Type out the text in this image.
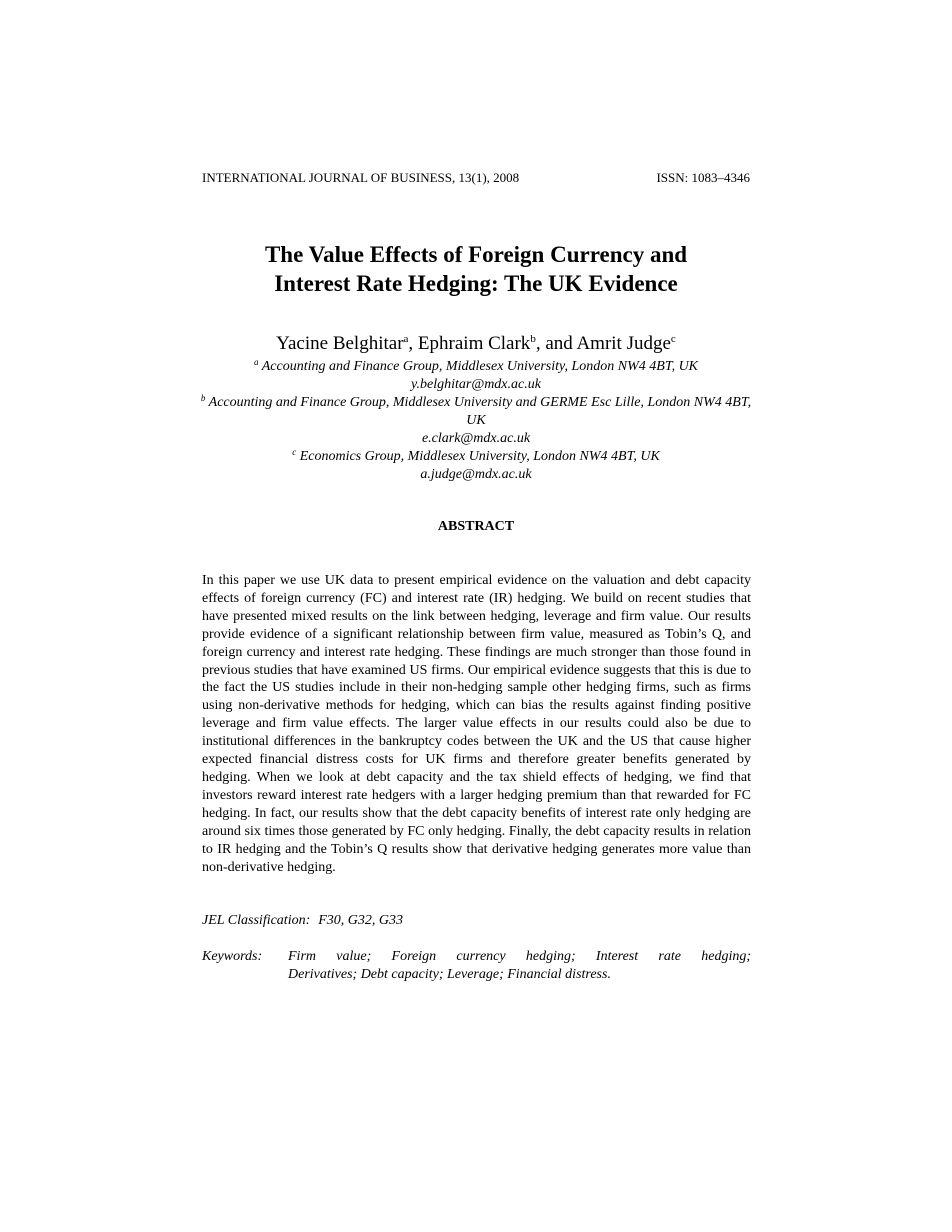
INTERNATIONAL JOURNAL OF BUSINESS, 13(1), 2008	ISSN: 1083–4346
The Value Effects of Foreign Currency and
Interest Rate Hedging: The UK Evidence
Yacine Belghitar$^a$, Ephraim Clark$^b$, and Amrit Judge$^c$
$^a$ Accounting and Finance Group, Middlesex University, London NW4 4BT, UK
y.belghitar@mdx.ac.uk
$^b$ Accounting and Finance Group, Middlesex University and GERME Esc Lille, London NW4 4BT, UK
e.clark@mdx.ac.uk
$^c$ Economics Group, Middlesex University, London NW4 4BT, UK
a.judge@mdx.ac.uk
ABSTRACT

In this paper we use UK data to present empirical evidence on the valuation and debt capacity effects of foreign currency (FC) and interest rate (IR) hedging. We build on recent studies that have presented mixed results on the link between hedging, leverage and firm value. Our results provide evidence of a significant relationship between firm value, measured as Tobin’s Q, and foreign currency and interest rate hedging. These findings are much stronger than those found in previous studies that have examined US firms. Our empirical evidence suggests that this is due to the fact the US studies include in their non-hedging sample other hedging firms, such as firms using non-derivative methods for hedging, which can bias the results against finding positive leverage and firm value effects. The larger value effects in our results could also be due to institutional differences in the bankruptcy codes between the UK and the US that cause higher expected financial distress costs for UK firms and therefore greater benefits generated by hedging. When we look at debt capacity and the tax shield effects of hedging, we find that investors reward interest rate hedgers with a larger hedging premium than that rewarded for FC hedging. In fact, our results show that the debt capacity benefits of interest rate only hedging are around six times those generated by FC only hedging. Finally, the debt capacity results in relation to IR hedging and the Tobin’s Q results show that derivative hedging generates more value than non-derivative hedging.

JEL Classification: F30, G32, G33
Keywords:	Firm value; Foreign currency hedging; Interest rate hedging;
Derivatives; Debt capacity; Leverage; Financial distress.
